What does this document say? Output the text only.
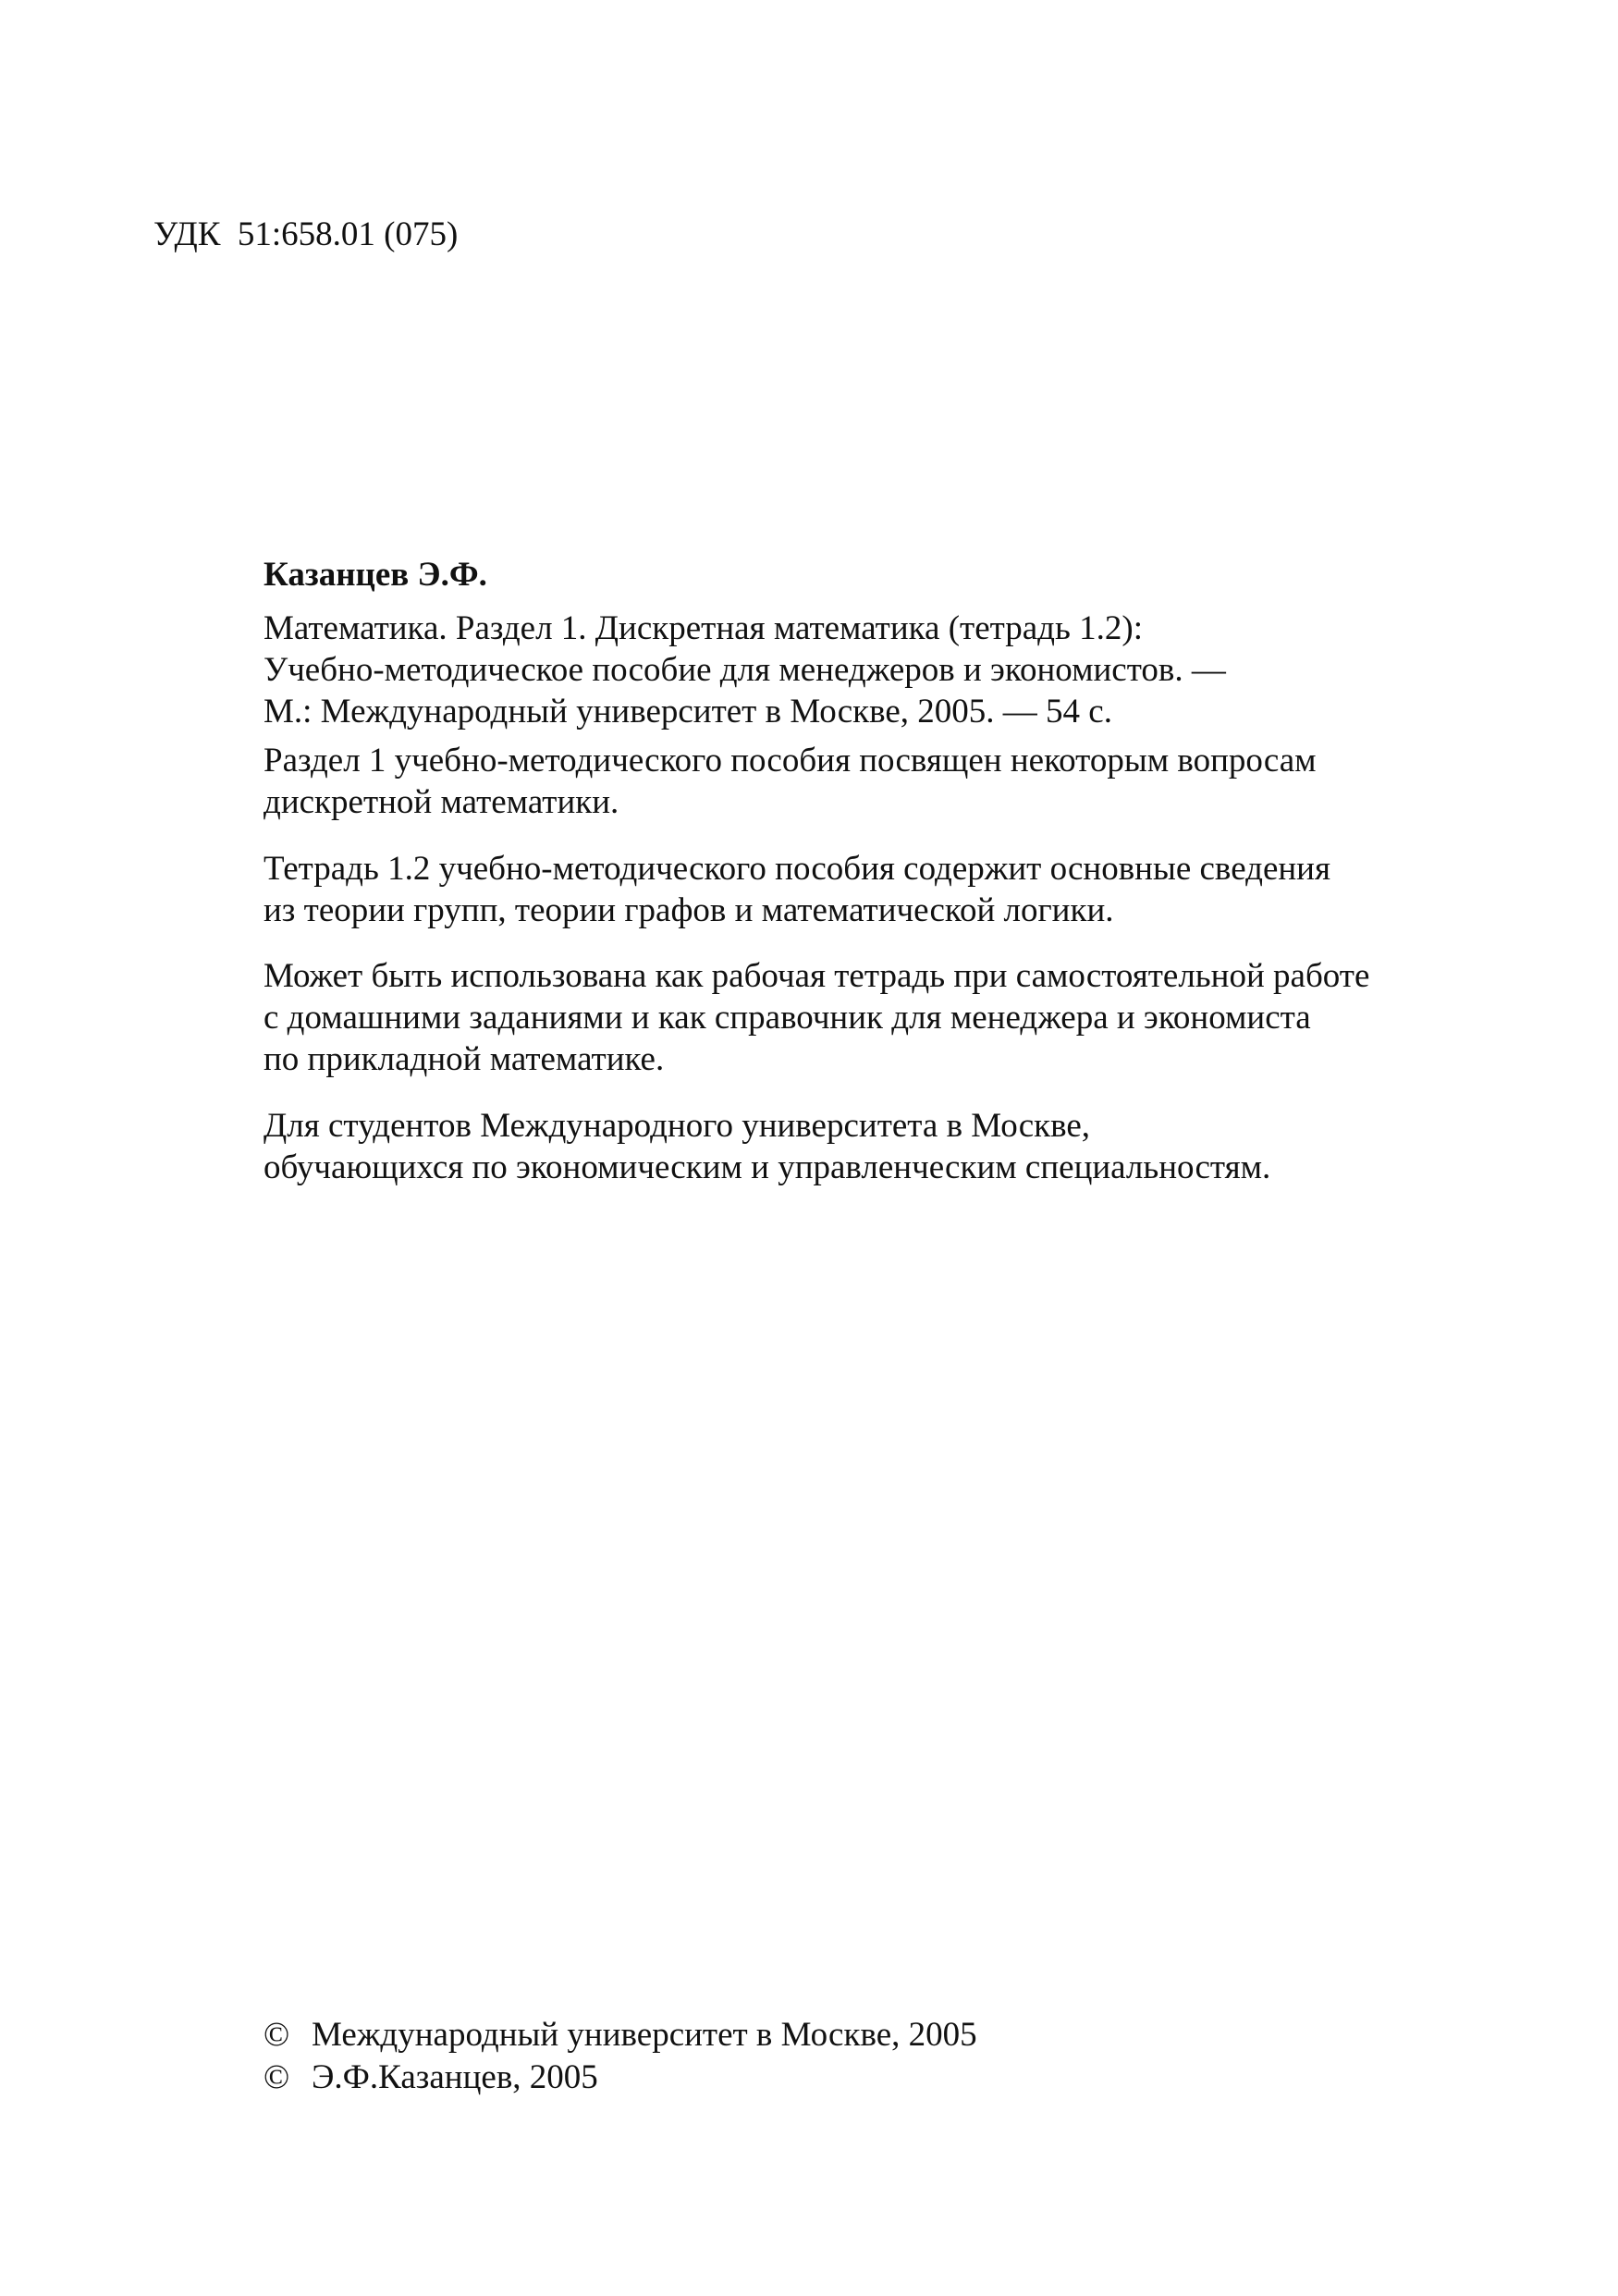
УДК  51:658.01 (075)
Казанцев Э.Ф.
Математика. Раздел 1. Дискретная математика (тетрадь 1.2):
Учебно-методическое пособие для менеджеров и экономистов. —
М.: Международный университет в Москве, 2005. — 54 с.
Раздел 1 учебно-методического пособия посвящен некоторым вопросам
дискретной математики.
Тетрадь 1.2 учебно-методического пособия содержит основные сведения
из теории групп, теории графов и математической логики.
Может быть использована как рабочая тетрадь при самостоятельной работе
с домашними заданиями и как справочник для менеджера и экономиста
по прикладной математике.
Для студентов Международного университета в Москве,
обучающихся по экономическим и управленческим специальностям.
© Международный университет в Москве, 2005
© Э.Ф.Казанцев, 2005
